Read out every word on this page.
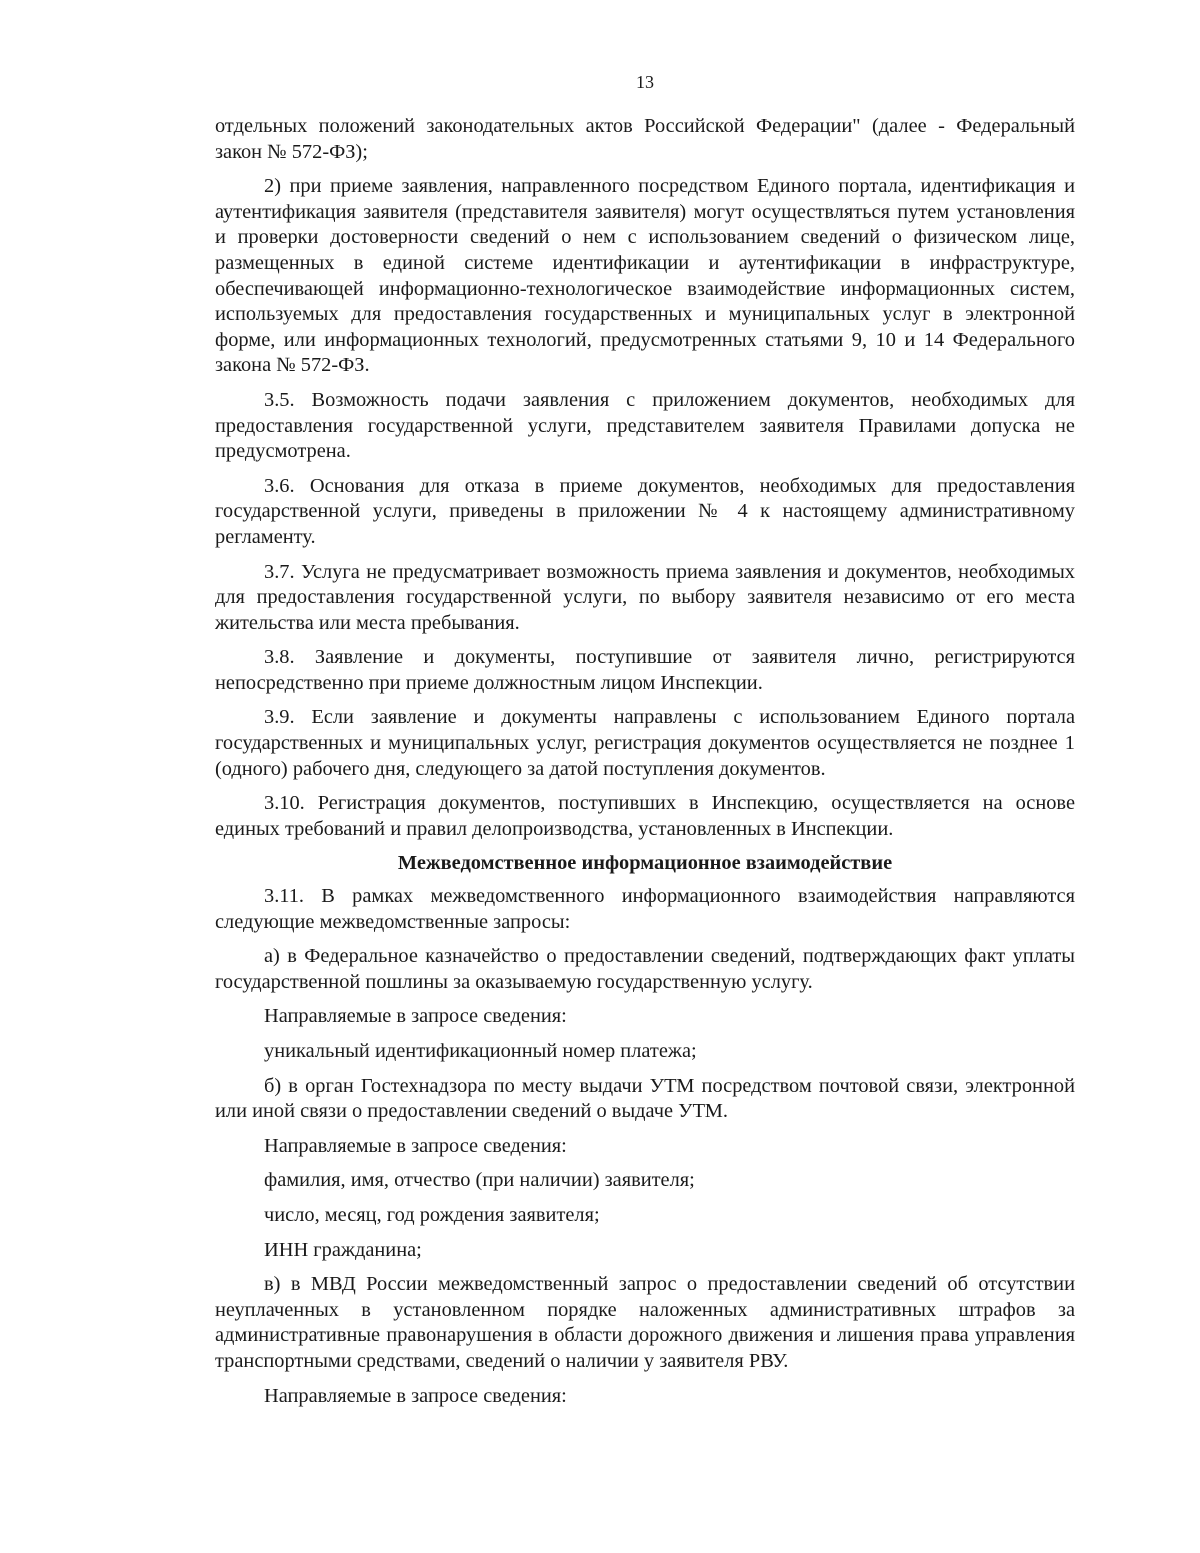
13

отдельных положений законодательных актов Российской Федерации" (далее - Федеральный закон № 572-ФЗ);

2) при приеме заявления, направленного посредством Единого портала, идентификация и аутентификация заявителя (представителя заявителя) могут осуществляться путем установления и проверки достоверности сведений о нем с использованием сведений о физическом лице, размещенных в единой системе идентификации и аутентификации в инфраструктуре, обеспечивающей информационно-технологическое взаимодействие информационных систем, используемых для предоставления государственных и муниципальных услуг в электронной форме, или информационных технологий, предусмотренных статьями 9, 10 и 14 Федерального закона № 572-ФЗ.

3.5. Возможность подачи заявления с приложением документов, необходимых для предоставления государственной услуги, представителем заявителя Правилами допуска не предусмотрена.

3.6. Основания для отказа в приеме документов, необходимых для предоставления государственной услуги, приведены в приложении № 4 к настоящему административному регламенту.

3.7. Услуга не предусматривает возможность приема заявления и документов, необходимых для предоставления государственной услуги, по выбору заявителя независимо от его места жительства или места пребывания.

3.8. Заявление и документы, поступившие от заявителя лично, регистрируются непосредственно при приеме должностным лицом Инспекции.

3.9. Если заявление и документы направлены с использованием Единого портала государственных и муниципальных услуг, регистрация документов осуществляется не позднее 1 (одного) рабочего дня, следующего за датой поступления документов.

3.10. Регистрация документов, поступивших в Инспекцию, осуществляется на основе единых требований и правил делопроизводства, установленных в Инспекции.

Межведомственное информационное взаимодействие

3.11. В рамках межведомственного информационного взаимодействия направляются следующие межведомственные запросы:

а) в Федеральное казначейство о предоставлении сведений, подтверждающих факт уплаты государственной пошлины за оказываемую государственную услугу.

Направляемые в запросе сведения:

уникальный идентификационный номер платежа;

б) в орган Гостехнадзора по месту выдачи УТМ посредством почтовой связи, электронной или иной связи о предоставлении сведений о выдаче УТМ.

Направляемые в запросе сведения:

фамилия, имя, отчество (при наличии) заявителя;

число, месяц, год рождения заявителя;

ИНН гражданина;

в) в МВД России межведомственный запрос о предоставлении сведений об отсутствии неуплаченных в установленном порядке наложенных административных штрафов за административные правонарушения в области дорожного движения и лишения права управления транспортными средствами, сведений о наличии у заявителя РВУ.

Направляемые в запросе сведения:
